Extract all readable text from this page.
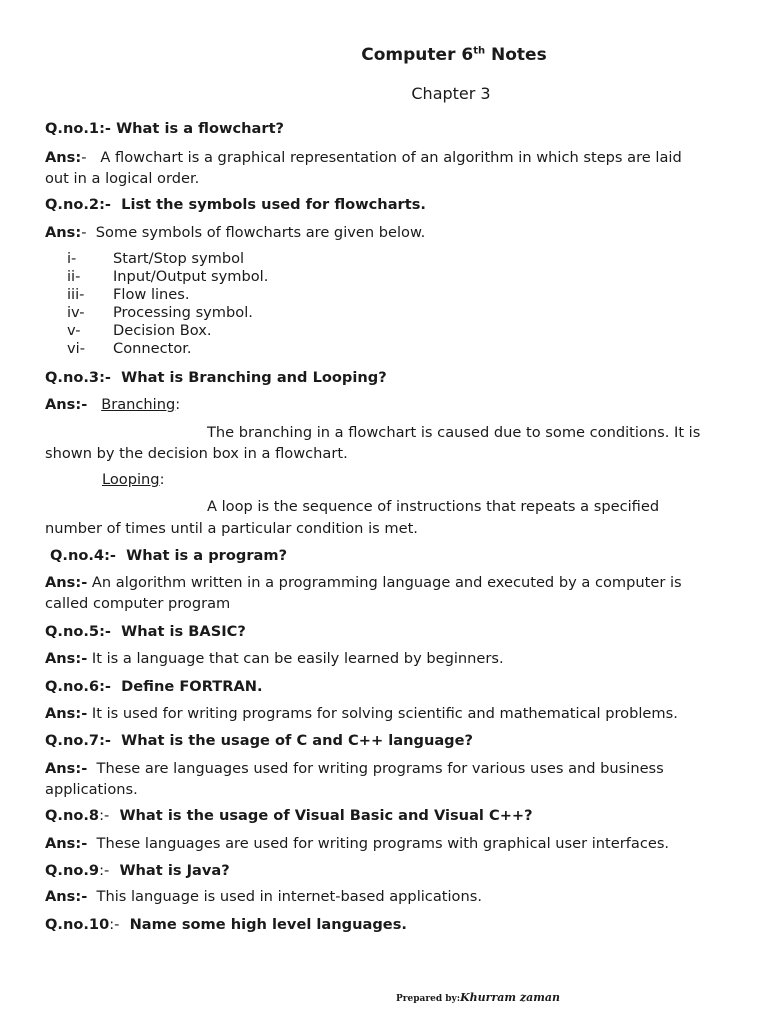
Computer 6th Notes
Chapter 3
Q.no.1:- What is a flowchart?
Ans:- A flowchart is a graphical representation of an algorithm in which steps are laid
out in a logical order.
Q.no.2:- List the symbols used for flowcharts.
Ans:- Some symbols of flowcharts are given below.
i-	Start/Stop symbol
ii-	Input/Output symbol.
iii-	Flow lines.
iv-	Processing symbol.
v-	Decision Box.
vi-	Connector.
Q.no.3:- What is Branching and Looping?
Ans:- Branching:
The branching in a flowchart is caused due to some conditions. It is
shown by the decision box in a flowchart.
Looping:
A loop is the sequence of instructions that repeats a specified
number of times until a particular condition is met.
Q.no.4:- What is a program?
Ans:- An algorithm written in a programming language and executed by a computer is
called computer program
Q.no.5:- What is BASIC?
Ans:- It is a language that can be easily learned by beginners.
Q.no.6:- Define FORTRAN.
Ans:- It is used for writing programs for solving scientific and mathematical problems.
Q.no.7:- What is the usage of C and C++ language?
Ans:- These are languages used for writing programs for various uses and business
applications.
Q.no.8:- What is the usage of Visual Basic and Visual C++?
Ans:- These languages are used for writing programs with graphical user interfaces.
Q.no.9:- What is Java?
Ans:- This language is used in internet-based applications.
Q.no.10:- Name some high level languages.
Prepared by:Khurram zaman
